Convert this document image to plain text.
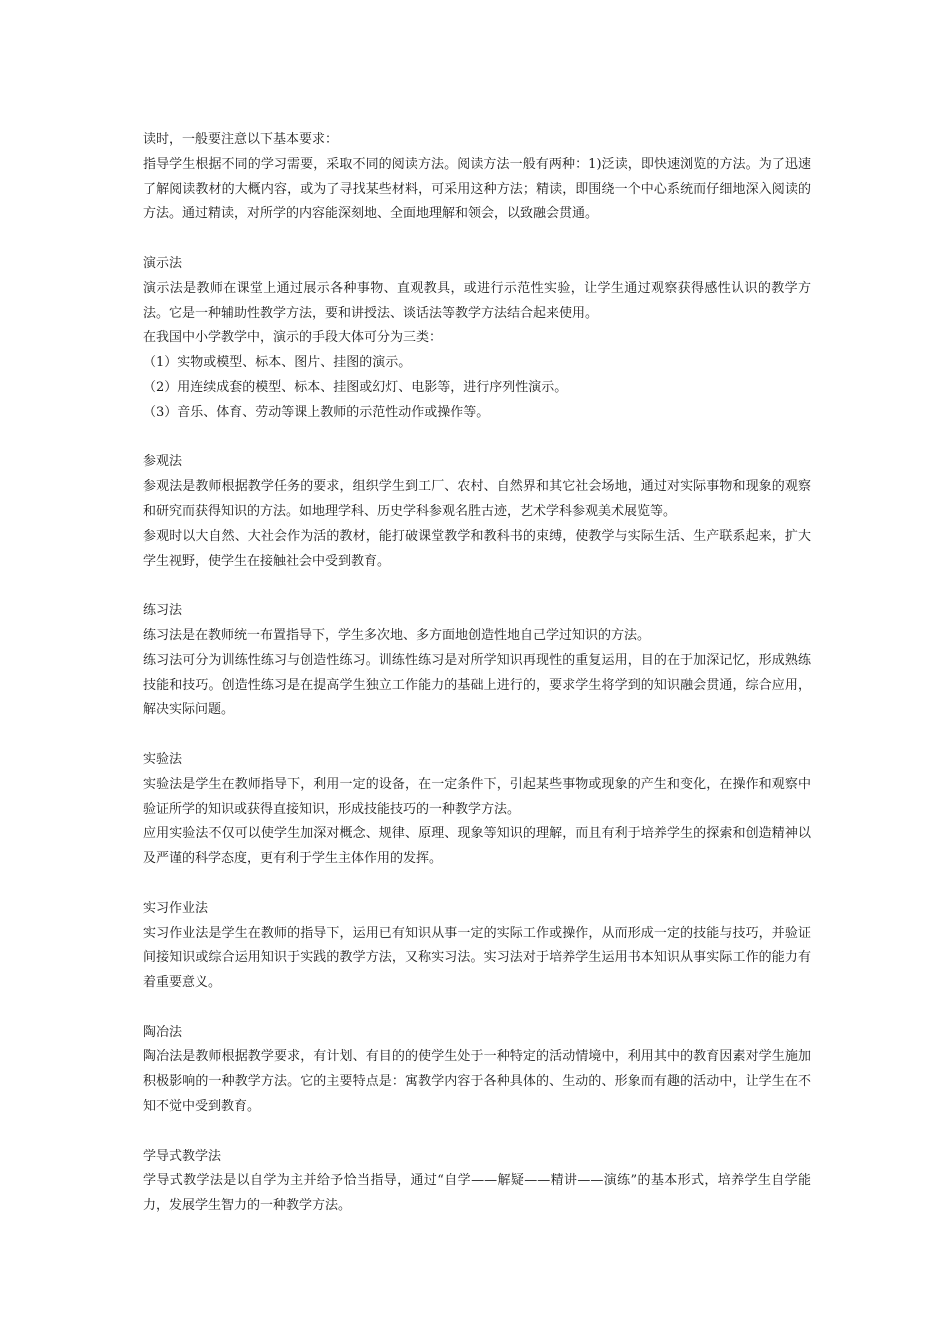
读时，一般要注意以下基本要求：

指导学生根据不同的学习需要，采取不同的阅读方法。阅读方法一般有两种：1)泛读，即快速浏览的方法。为了迅速了解阅读教材的大概内容，或为了寻找某些材料，可采用这种方法；精读，即围绕一个中心系统而仔细地深入阅读的方法。通过精读，对所学的内容能深刻地、全面地理解和领会，以致融会贯通。

演示法

演示法是教师在课堂上通过展示各种事物、直观教具，或进行示范性实验，让学生通过观察获得感性认识的教学方法。它是一种辅助性教学方法，要和讲授法、谈话法等教学方法结合起来使用。

在我国中小学教学中，演示的手段大体可分为三类：

（1）实物或模型、标本、图片、挂图的演示。

（2）用连续成套的模型、标本、挂图或幻灯、电影等，进行序列性演示。

（3）音乐、体育、劳动等课上教师的示范性动作或操作等。

参观法

参观法是教师根据教学任务的要求，组织学生到工厂、农村、自然界和其它社会场地，通过对实际事物和现象的观察和研究而获得知识的方法。如地理学科、历史学科参观名胜古迹，艺术学科参观美术展览等。

参观时以大自然、大社会作为活的教材，能打破课堂教学和教科书的束缚，使教学与实际生活、生产联系起来，扩大学生视野，使学生在接触社会中受到教育。

练习法

练习法是在教师统一布置指导下，学生多次地、多方面地创造性地自己学过知识的方法。

练习法可分为训练性练习与创造性练习。训练性练习是对所学知识再现性的重复运用，目的在于加深记忆，形成熟练技能和技巧。创造性练习是在提高学生独立工作能力的基础上进行的，要求学生将学到的知识融会贯通，综合应用，解决实际问题。

实验法

实验法是学生在教师指导下，利用一定的设备，在一定条件下，引起某些事物或现象的产生和变化，在操作和观察中验证所学的知识或获得直接知识，形成技能技巧的一种教学方法。

应用实验法不仅可以使学生加深对概念、规律、原理、现象等知识的理解，而且有利于培养学生的探索和创造精神以及严谨的科学态度，更有利于学生主体作用的发挥。

实习作业法

实习作业法是学生在教师的指导下，运用已有知识从事一定的实际工作或操作，从而形成一定的技能与技巧，并验证间接知识或综合运用知识于实践的教学方法，又称实习法。实习法对于培养学生运用书本知识从事实际工作的能力有着重要意义。

陶冶法

陶冶法是教师根据教学要求，有计划、有目的的使学生处于一种特定的活动情境中，利用其中的教育因素对学生施加积极影响的一种教学方法。它的主要特点是：寓教学内容于各种具体的、生动的、形象而有趣的活动中，让学生在不知不觉中受到教育。

学导式教学法

学导式教学法是以自学为主并给予恰当指导，通过“自学——解疑——精讲——演练”的基本形式，培养学生自学能力，发展学生智力的一种教学方法。
